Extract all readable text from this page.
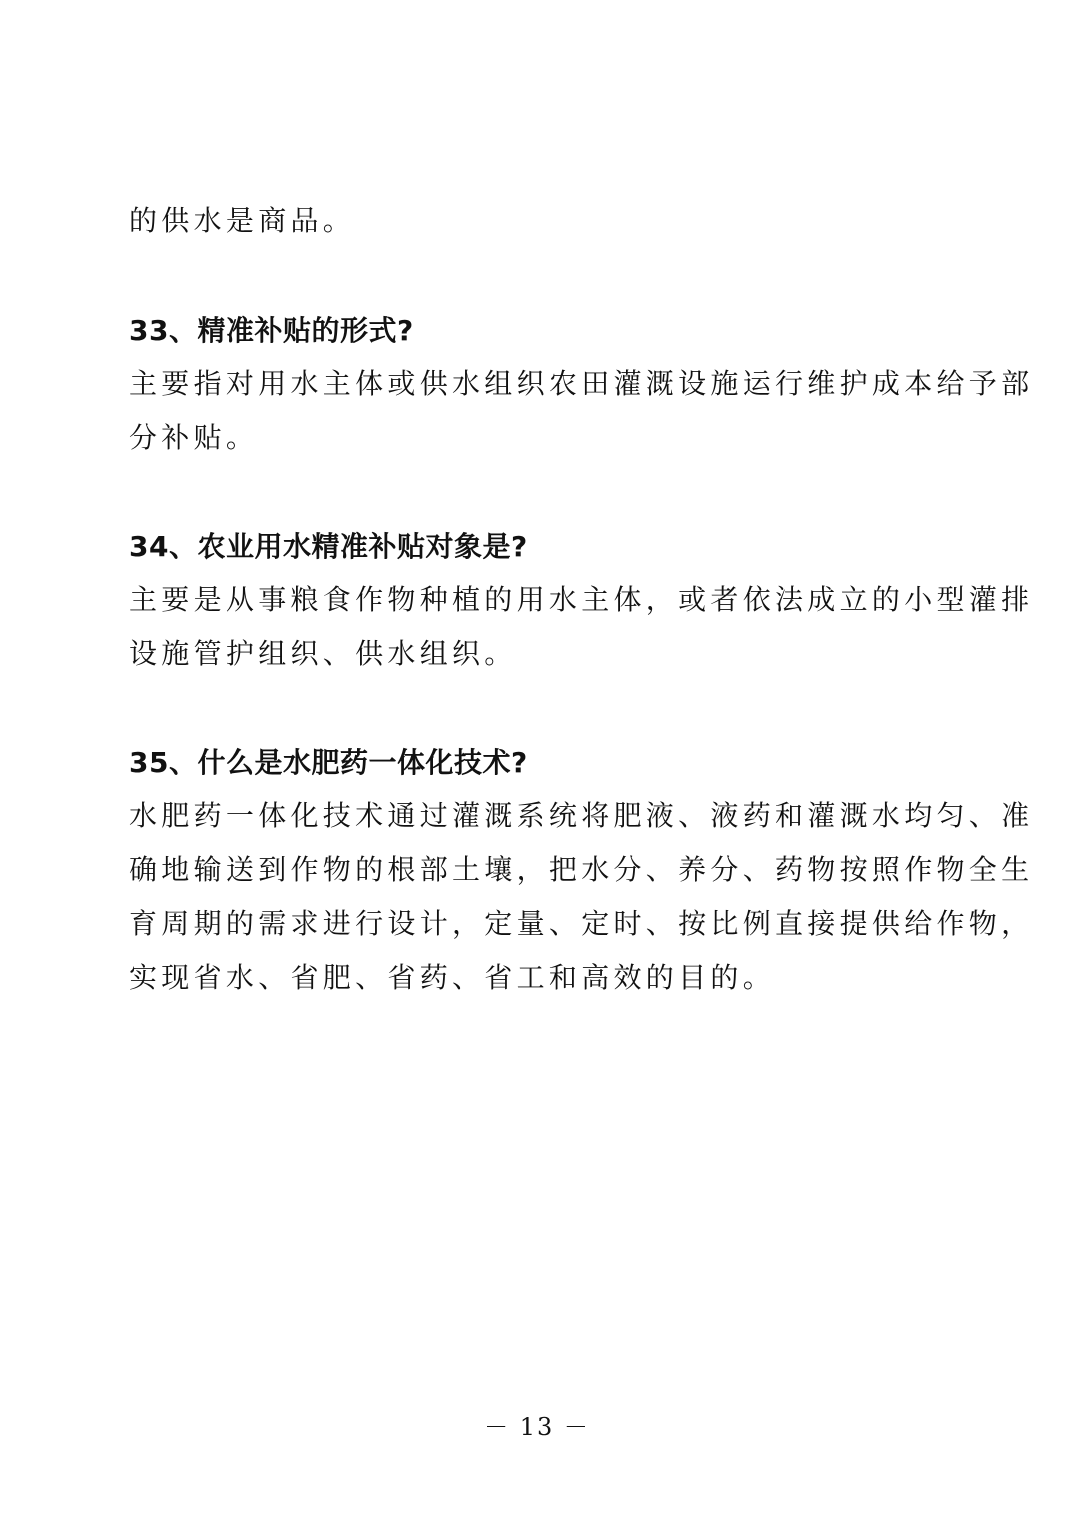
的供水是商品。
33、精准补贴的形式?
主要指对用水主体或供水组织农田灌溉设施运行维护成本给予部
分补贴。
34、农业用水精准补贴对象是?
主要是从事粮食作物种植的用水主体，或者依法成立的小型灌排
设施管护组织、供水组织。
35、什么是水肥药一体化技术?
水肥药一体化技术通过灌溉系统将肥液、液药和灌溉水均匀、准
确地输送到作物的根部土壤，把水分、养分、药物按照作物全生
育周期的需求进行设计，定量、定时、按比例直接提供给作物，
实现省水、省肥、省药、省工和高效的目的。
－ 13 －
